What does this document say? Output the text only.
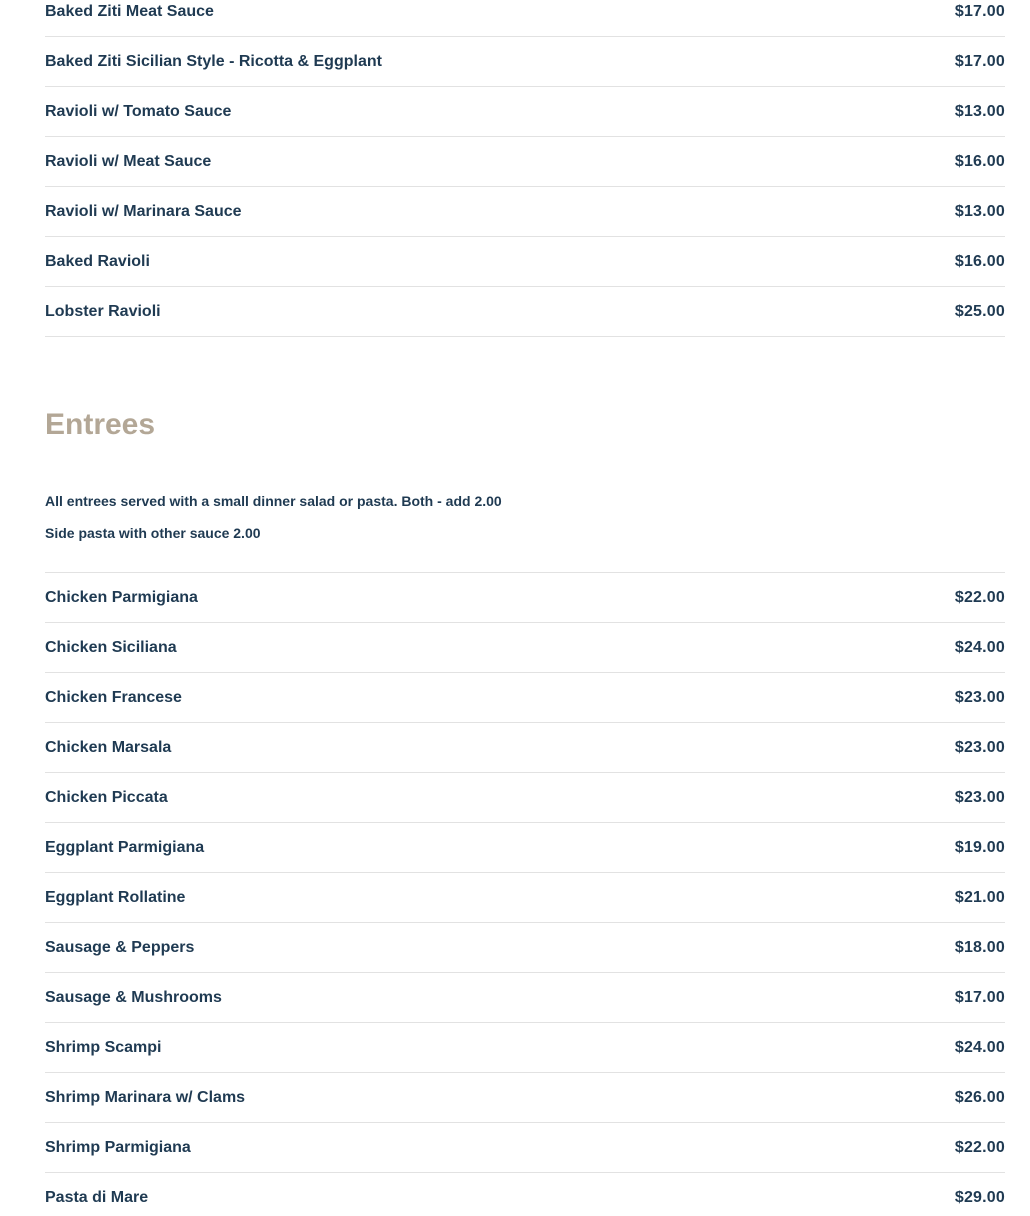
Baked Ziti Meat Sauce	$17.00
Baked Ziti Sicilian Style - Ricotta & Eggplant	$17.00
Ravioli w/ Tomato Sauce	$13.00
Ravioli w/ Meat Sauce	$16.00
Ravioli w/ Marinara Sauce	$13.00
Baked Ravioli	$16.00
Lobster Ravioli	$25.00
Entrees
All entrees served with a small dinner salad or pasta. Both - add 2.00
Side pasta with other sauce 2.00
Chicken Parmigiana	$22.00
Chicken Siciliana	$24.00
Chicken Francese	$23.00
Chicken Marsala	$23.00
Chicken Piccata	$23.00
Eggplant Parmigiana	$19.00
Eggplant Rollatine	$21.00
Sausage & Peppers	$18.00
Sausage & Mushrooms	$17.00
Shrimp Scampi	$24.00
Shrimp Marinara w/ Clams	$26.00
Shrimp Parmigiana	$22.00
Pasta di Mare	$29.00
